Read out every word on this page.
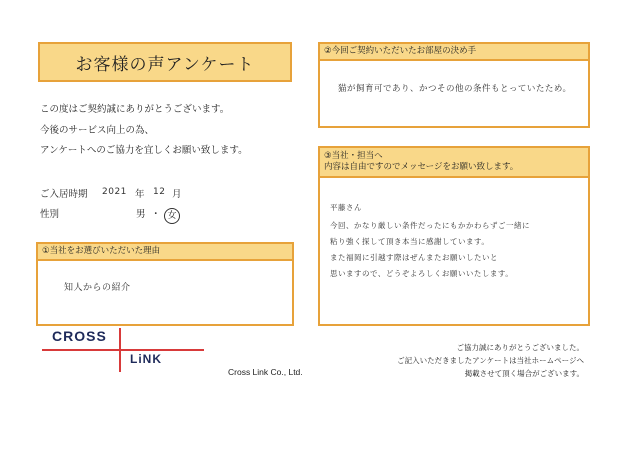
お客様の声アンケート
この度はご契約誠にありがとうございます。
今後のサービス向上の為、
アンケートへのご協力を宜しくお願い致します。
ご入居時期 2021 年 12 月
性別	男 ・ 女
①当社をお選びいただいた理由
知人からの紹介
②今回ご契約いただいたお部屋の決め手
猫が飼育可であり、かつその他の条件もとっていたため。
③当社・担当へ
内容は自由ですのでメッセージをお願い致します。
平藤さん
今回、かなり厳しい条件だったにもかかわらずご一緒に
粘り強く探して頂き本当に感謝しています。
また福岡に引越す際はぜんまたお願いしたいと
思いますので、どうぞよろしくお願いいたします。
CROSS
LiNK
Cross Link Co., Ltd.
ご協力誠にありがとうございました。
ご記入いただきましたアンケートは当社ホームページへ
掲載させて頂く場合がございます。
